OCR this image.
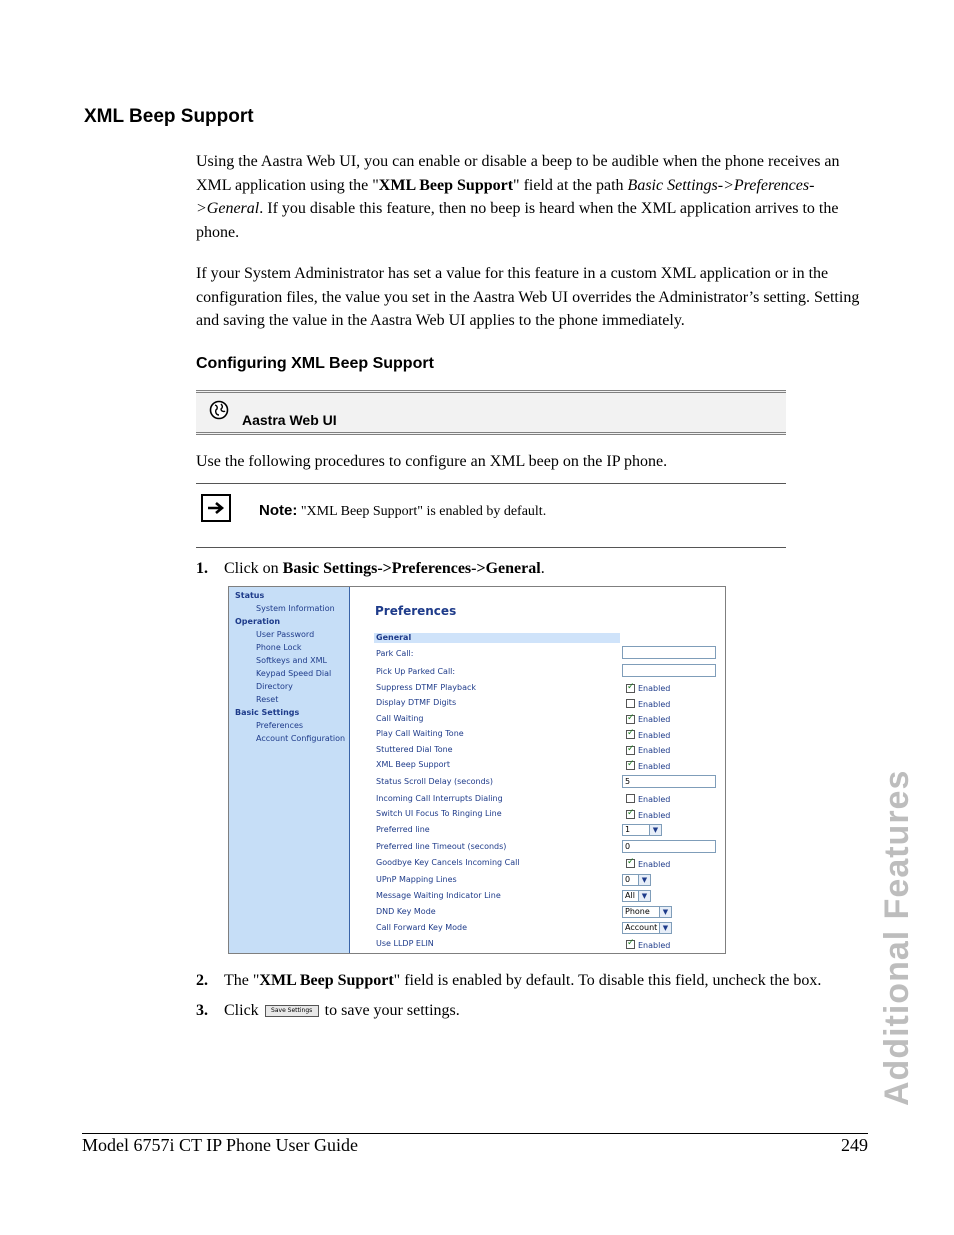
XML Beep Support

Using the Aastra Web UI, you can enable or disable a beep to be audible when the phone receives an XML application using the "XML Beep Support" field at the path Basic Settings->Preferences->General. If you disable this feature, then no beep is heard when the XML application arrives to the phone.

If your System Administrator has set a value for this feature in a custom XML application or in the configuration files, the value you set in the Aastra Web UI overrides the Administrator’s setting. Setting and saving the value in the Aastra Web UI applies to the phone immediately.

Configuring XML Beep Support
Aastra Web UI

Use the following procedures to configure an XML beep on the IP phone.

Note: "XML Beep Support" is enabled by default.
1. Click on Basic Settings->Preferences->General.
Status
System Information
Operation
User Password
Phone Lock
Softkeys and XML
Keypad Speed Dial
Directory
Reset
Basic Settings
Preferences
Account Configuration
Preferences
General
Park Call:
Pick Up Parked Call:
Suppress DTMF Playback ✓	Enabled
Display DTMF Digits	Enabled
Call Waiting ✓	Enabled
Play Call Waiting Tone ✓	Enabled
Stuttered Dial Tone ✓	Enabled
XML Beep Support ✓	Enabled
Status Scroll Delay (seconds)	5
Incoming Call Interrupts Dialing	Enabled
Switch UI Focus To Ringing Line ✓	Enabled
Preferred line	1	▼
Preferred line Timeout (seconds)	0
Goodbye Key Cancels Incoming Call ✓	Enabled
UPnP Mapping Lines	0	▼
Message Waiting Indicator Line	All ▼
DND Key Mode	Phone	▼
Call Forward Key Mode	Account ▼
Use LLDP ELIN ✓	Enabled
2. The "XML Beep Support" field is enabled by default. To disable this field, uncheck the box.
3. Click Save Settings to save your settings.	Additional Features
Model 6757i CT IP Phone User Guide	249
